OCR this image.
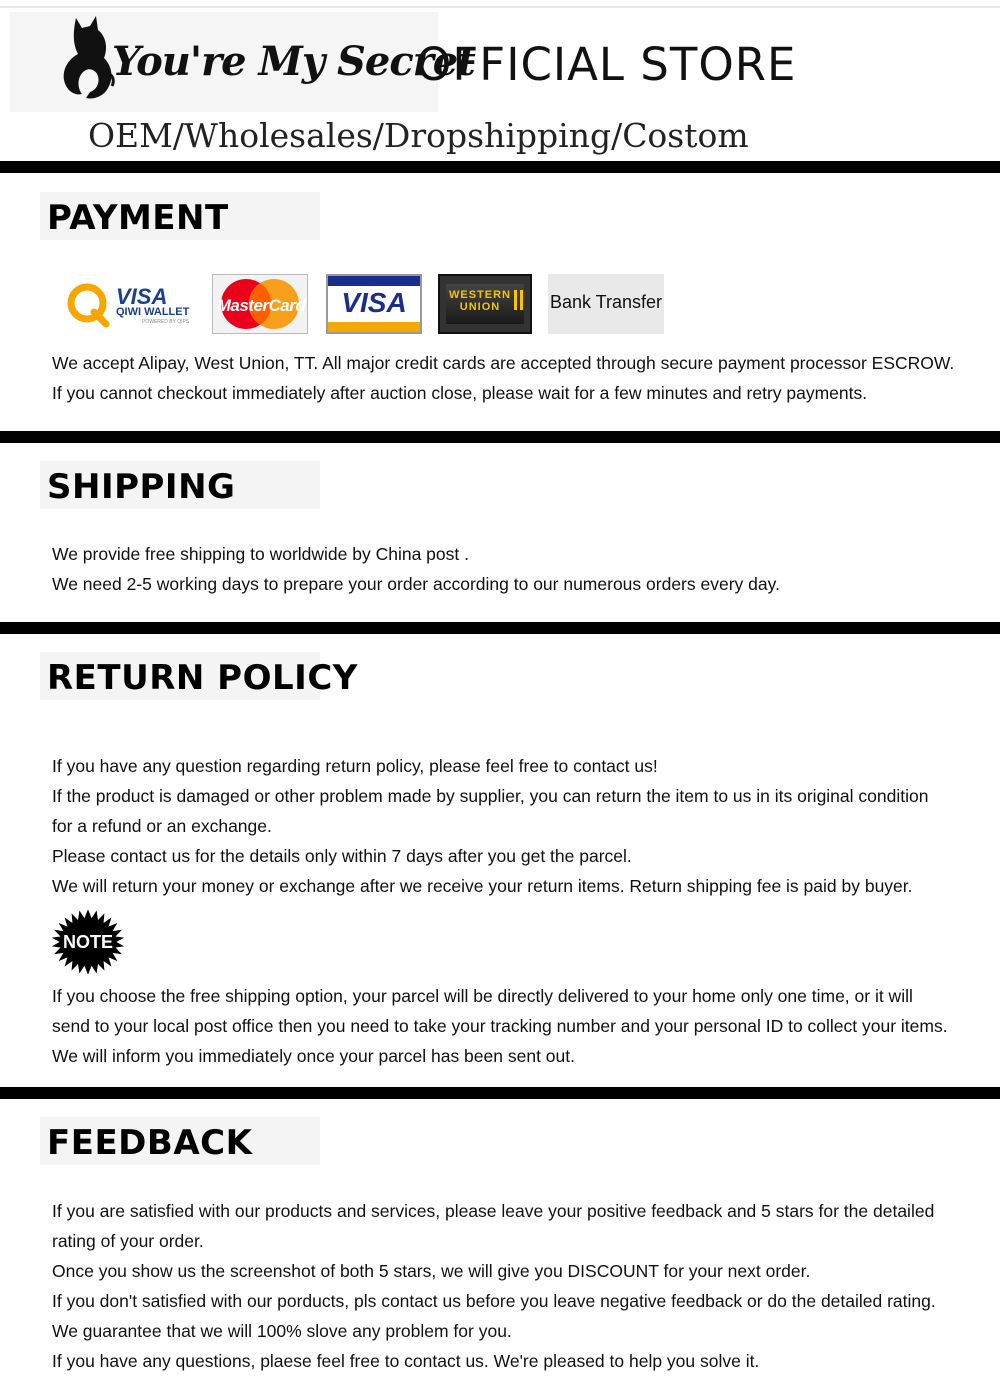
You're My Secret
OFFICIAL STORE
OEM/Wholesales/Dropshipping/Costom
PAYMENT
VISA
QIWI WALLET
POWERED BY QIPS
MasterCard	VISA	WESTERN
UNION	Bank Transfer
We accept Alipay, West Union, TT. All major credit cards are accepted through secure payment processor ESCROW.
If you cannot checkout immediately after auction close, please wait for a few minutes and retry payments.
SHIPPING
We provide free shipping to worldwide by China post .
We need 2-5 working days to prepare your order according to our numerous orders every day.
RETURN POLICY
If you have any question regarding return policy, please feel free to contact us!
If the product is damaged or other problem made by supplier, you can return the item to us in its original condition
for a refund or an exchange.
Please contact us for the details only within 7 days after you get the parcel.
We will return your money or exchange after we receive your return items. Return shipping fee is paid by buyer.
NOTE
If you choose the free shipping option, your parcel will be directly delivered to your home only one time, or it will
send to your local post office then you need to take your tracking number and your personal ID to collect your items.
We will inform you immediately once your parcel has been sent out.
FEEDBACK
If you are satisfied with our products and services, please leave your positive feedback and 5 stars for the detailed
rating of your order.
Once you show us the screenshot of both 5 stars, we will give you DISCOUNT for your next order.
If you don't satisfied with our porducts, pls contact us before you leave negative feedback or do the detailed rating.
We guarantee that we will 100% slove any problem for you.
If you have any questions, plaese feel free to contact us. We're pleased to help you solve it.
